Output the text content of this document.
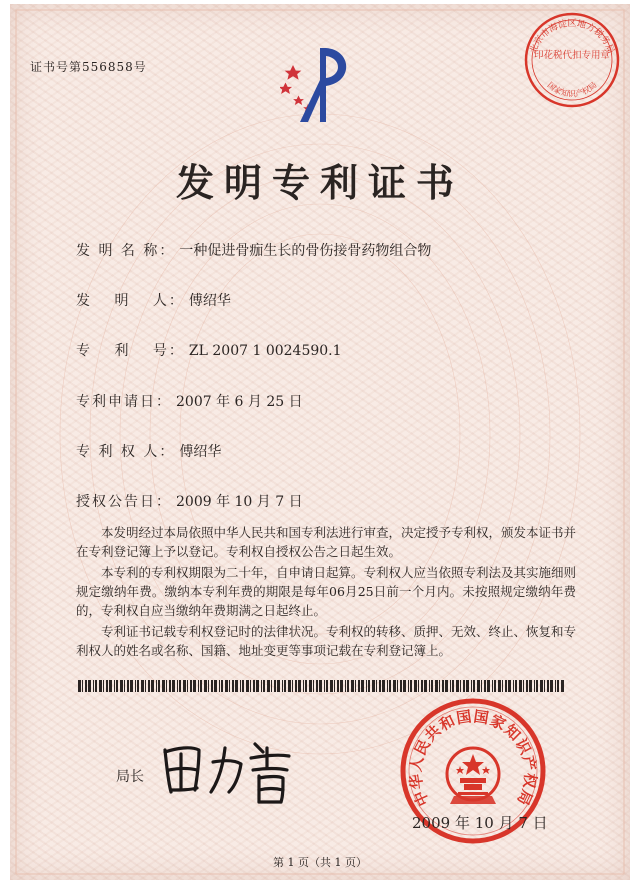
证书号第556858号
北京市海淀区地方税务局
印花税代扣专用章
国家知识产权局
发明专利证书
发 明 名 称： 一种促进骨痂生长的骨伤接骨药物组合物
发　 明　 人： 傅绍华
专　 利　 号： ZL 2007 1 0024590.1
专利申请日： 2007 年 6 月 25 日
专 利 权 人： 傅绍华
授权公告日： 2009 年 10 月 7 日
本发明经过本局依照中华人民共和国专利法进行审查，决定授予专利权，颁发本证书并在专利登记簿上予以登记。专利权自授权公告之日起生效。
本专利的专利权期限为二十年，自申请日起算。专利权人应当依照专利法及其实施细则规定缴纳年费。缴纳本专利年费的期限是每年06月25日前一个月内。未按照规定缴纳年费的，专利权自应当缴纳年费期满之日起终止。
专利证书记载专利权登记时的法律状况。专利权的转移、质押、无效、终止、恢复和专利权人的姓名或名称、国籍、地址变更等事项记载在专利登记簿上。
局长
中华人民共和国国家知识产权局
2009 年 10 月 7 日
第 1 页（共 1 页）
